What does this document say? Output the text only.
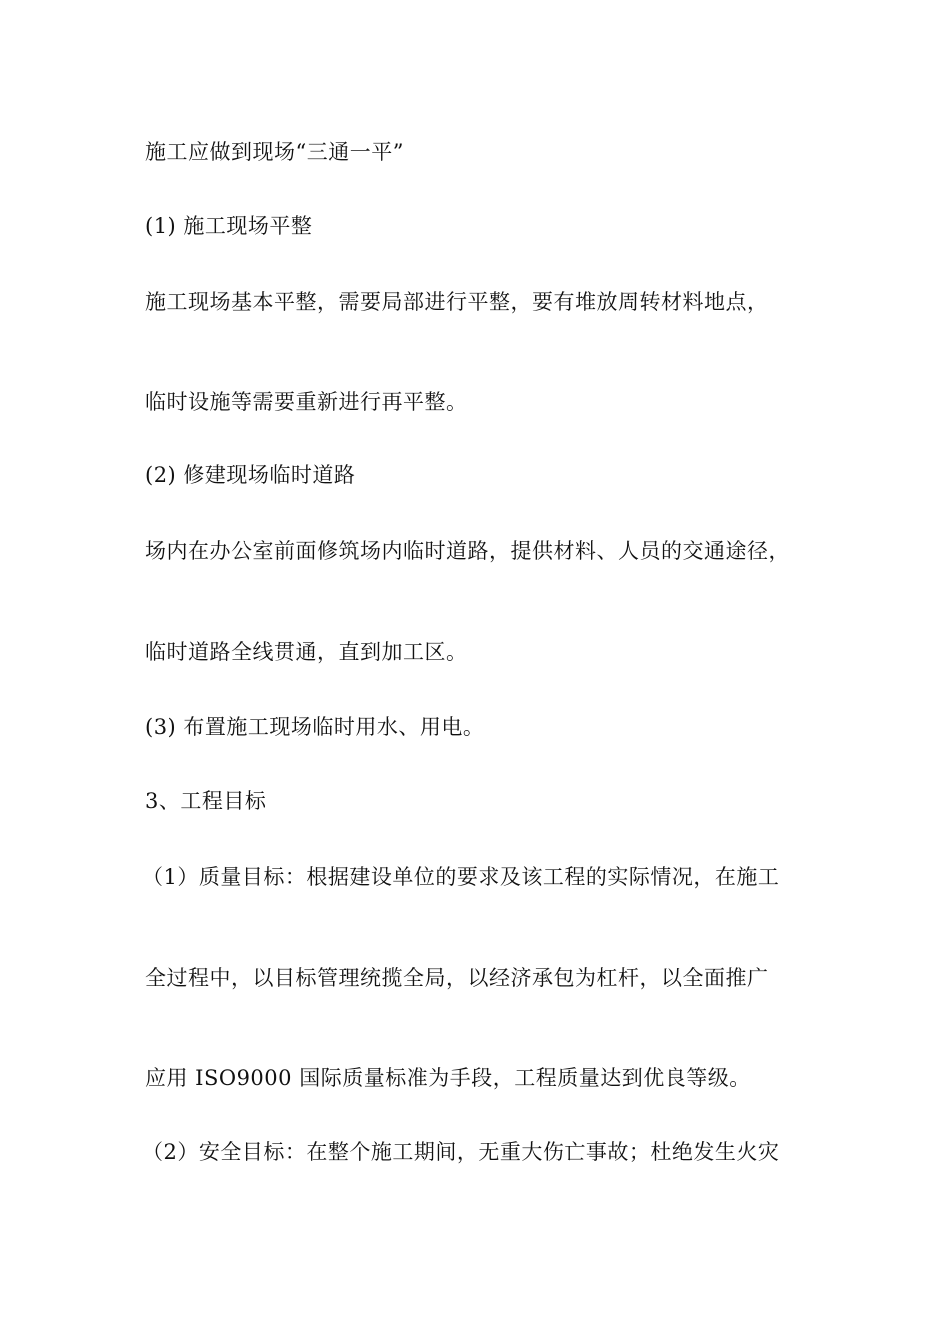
施工应做到现场“三通一平”
(1) 施工现场平整
施工现场基本平整，需要局部进行平整，要有堆放周转材料地点，
临时设施等需要重新进行再平整。
(2) 修建现场临时道路
场内在办公室前面修筑场内临时道路，提供材料、人员的交通途径，
临时道路全线贯通，直到加工区。
(3) 布置施工现场临时用水、用电。
3、工程目标
（1）质量目标：根据建设单位的要求及该工程的实际情况，在施工
全过程中，以目标管理统揽全局，以经济承包为杠杆，以全面推广
应用 ISO9000 国际质量标准为手段，工程质量达到优良等级。
（2）安全目标：在整个施工期间，无重大伤亡事故；杜绝发生火灾
